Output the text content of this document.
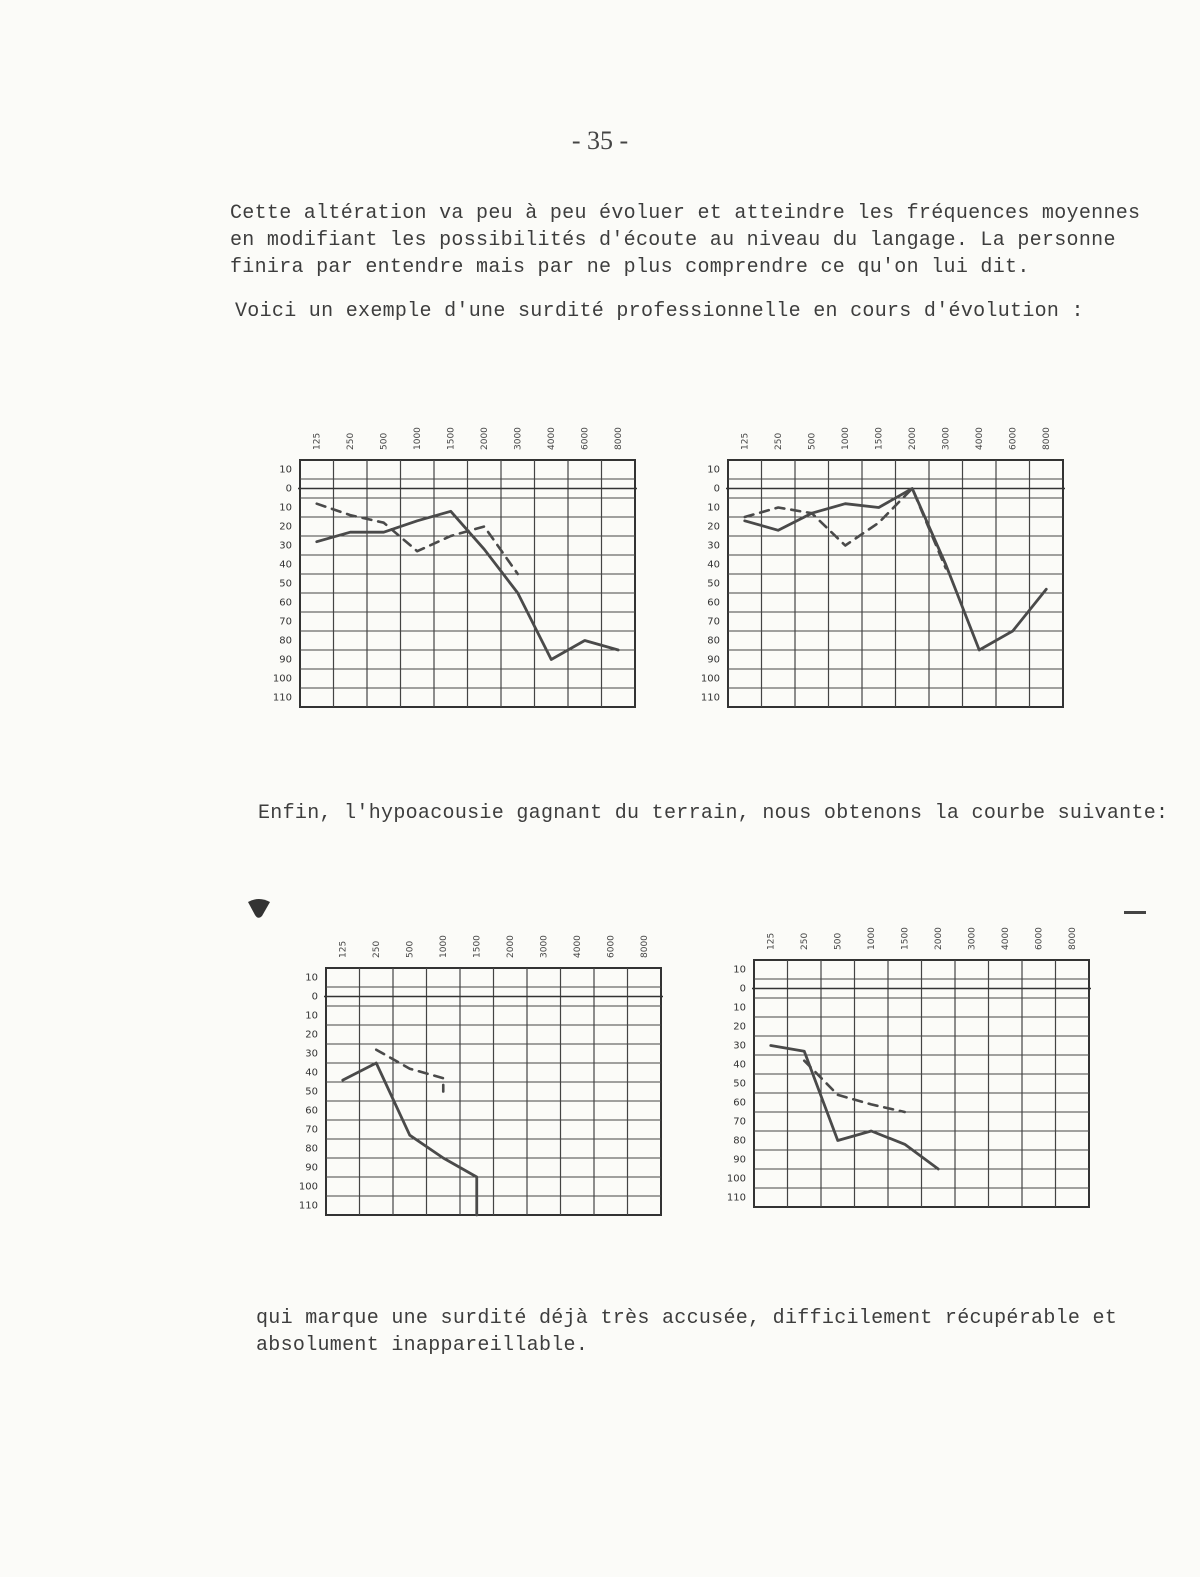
- 35 -
Cette altération va peu à peu évoluer et atteindre les fréquences moyennes
en modifiant les possibilités d'écoute au niveau du langage. La personne
finira par entendre mais par ne plus comprendre ce qu'on lui dit.
Voici un exemple d'une surdité professionnelle en cours d'évolution :
125	250	500	1000	1500	2000	3000	4000	6000	8000
10
0
10
20
30
40
50
60
70
80
90
100
110
125	250	500	1000	1500	2000	3000	4000	6000	8000
10
0
10
20
30
40
50
60
70
80
90
100
110
Enfin, l'hypoacousie gagnant du terrain, nous obtenons la courbe suivante:
125	250	500	1000	1500	2000	3000	4000	6000	8000
10
0
10
20
30
40
50
60
70
80
90
100
110
125	250	500	1000	1500	2000	3000	4000	6000	8000
10
0
10
20
30
40
50
60
70
80
90
100
110
qui marque une surdité déjà très accusée, difficilement récupérable et
absolument inappareillable.
